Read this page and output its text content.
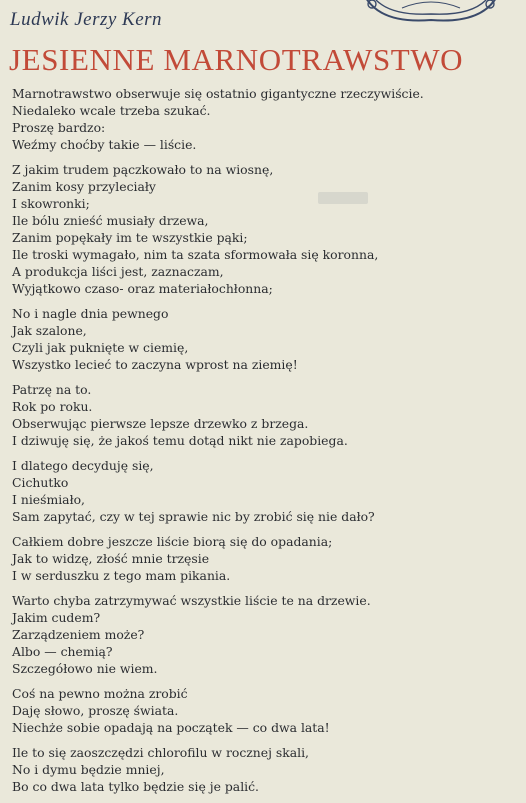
Ludwik Jerzy Kern
JESIENNE MARNOTRAWSTWO
Marnotrawstwo obserwuje się ostatnio gigantyczne rzeczywiście.
Niedaleko wcale trzeba szukać.
Proszę bardzo:
Weźmy choćby takie — liście.
Z jakim trudem pączkowało to na wiosnę,
Zanim kosy przyleciały
I skowronki;
Ile bólu znieść musiały drzewa,
Zanim popękały im te wszystkie pąki;
Ile troski wymagało, nim ta szata sformowała się koronna,
A produkcja liści jest, zaznaczam,
Wyjątkowo czaso- oraz materiałochłonna;
No i nagle dnia pewnego
Jak szalone,
Czyli jak puknięte w ciemię,
Wszystko lecieć to zaczyna wprost na ziemię!
Patrzę na to.
Rok po roku.
Obserwując pierwsze lepsze drzewko z brzega.
I dziwuję się, że jakoś temu dotąd nikt nie zapobiega.
I dlatego decyduję się,
Cichutko
I nieśmiało,
Sam zapytać, czy w tej sprawie nic by zrobić się nie dało?
Całkiem dobre jeszcze liście biorą się do opadania;
Jak to widzę, złość mnie trzęsie
I w serduszku z tego mam pikania.
Warto chyba zatrzymywać wszystkie liście te na drzewie.
Jakim cudem?
Zarządzeniem może?
Albo — chemią?
Szczegółowo nie wiem.
Coś na pewno można zrobić
Daję słowo, proszę świata.
Niechże sobie opadają na początek — co dwa lata!
Ile to się zaoszczędzi chlorofilu w rocznej skali,
No i dymu będzie mniej,
Bo co dwa lata tylko będzie się je palić.
